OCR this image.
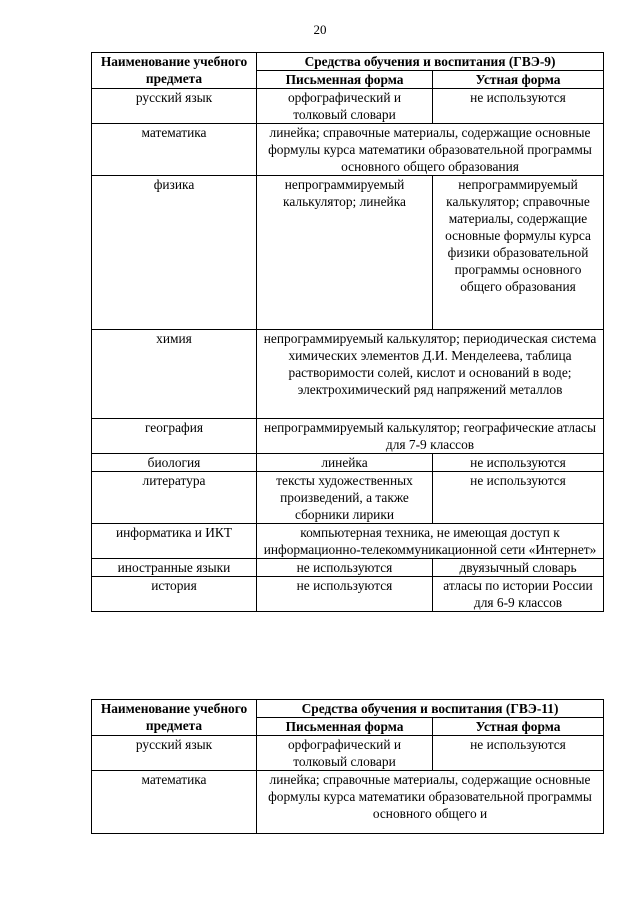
20
Наименование учебного предмета	Средства обучения и воспитания (ГВЭ-9)	
	Письменная форма	Устная форма
русский язык	орфографический и толковый словари	не используются
математика	линейка; справочные материалы, содержащие основные формулы курса математики образовательной программы основного общего образования	
физика	непрограммируемый калькулятор; линейка	непрограммируемый калькулятор; справочные материалы, содержащие основные формулы курса физики образовательной программы основного общего образования
химия	непрограммируемый калькулятор; периодическая система химических элементов Д.И. Менделеева, таблица растворимости солей, кислот и оснований в воде; электрохимический ряд напряжений металлов	
география	непрограммируемый калькулятор; географические атласы для 7-9 классов	
биология	линейка	не используются
литература	тексты художественных произведений, а также сборники лирики	не используются
информатика и ИКТ	компьютерная техника, не имеющая доступ к информационно-телекоммуникационной сети «Интернет»	
иностранные языки	не используются	двуязычный словарь
история	не используются	атласы по истории России для 6-9 классов
Наименование учебного предмета	Средства обучения и воспитания (ГВЭ-11)	
	Письменная форма	Устная форма
русский язык	орфографический и толковый словари	не используются
математика	линейка; справочные материалы, содержащие основные формулы курса математики образовательной программы основного общего и	
